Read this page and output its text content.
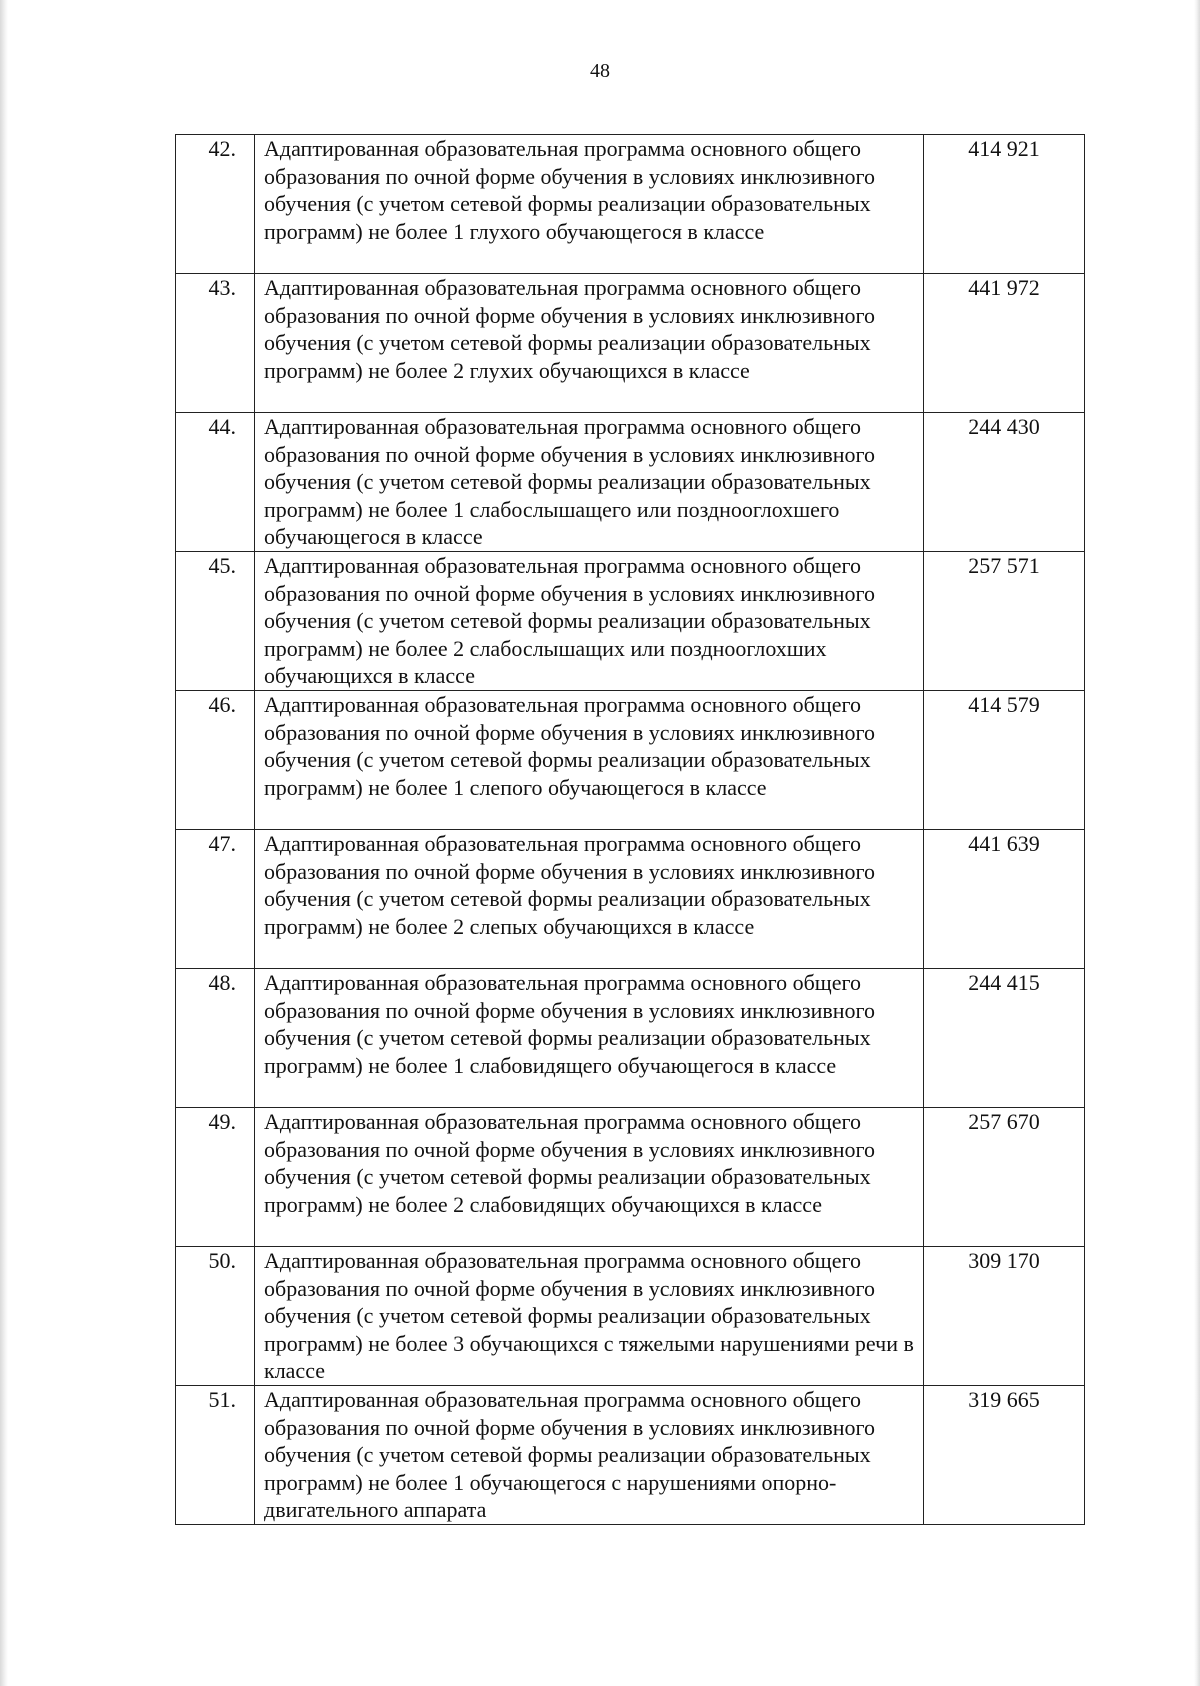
48
42.	Адаптированная образовательная программа основного общего образования по очной форме обучения в условиях инклюзивного обучения (с учетом сетевой формы реализации образовательных программ) не более 1 глухого обучающегося в классе	414 921
43.	Адаптированная образовательная программа основного общего образования по очной форме обучения в условиях инклюзивного обучения (с учетом сетевой формы реализации образовательных программ) не более 2 глухих обучающихся в классе	441 972
44.	Адаптированная образовательная программа основного общего образования по очной форме обучения в условиях инклюзивного обучения (с учетом сетевой формы реализации образовательных программ) не более 1 слабослышащего или позднооглохшего обучающегося в классе	244 430
45.	Адаптированная образовательная программа основного общего образования по очной форме обучения в условиях инклюзивного обучения (с учетом сетевой формы реализации образовательных программ) не более 2 слабослышащих или позднооглохших обучающихся в классе	257 571
46.	Адаптированная образовательная программа основного общего образования по очной форме обучения в условиях инклюзивного обучения (с учетом сетевой формы реализации образовательных программ) не более 1 слепого обучающегося в классе	414 579
47.	Адаптированная образовательная программа основного общего образования по очной форме обучения в условиях инклюзивного обучения (с учетом сетевой формы реализации образовательных программ) не более 2 слепых обучающихся в классе	441 639
48.	Адаптированная образовательная программа основного общего образования по очной форме обучения в условиях инклюзивного обучения (с учетом сетевой формы реализации образовательных программ) не более 1 слабовидящего обучающегося в классе	244 415
49.	Адаптированная образовательная программа основного общего образования по очной форме обучения в условиях инклюзивного обучения (с учетом сетевой формы реализации образовательных программ) не более 2 слабовидящих обучающихся в классе	257 670
50.	Адаптированная образовательная программа основного общего образования по очной форме обучения в условиях инклюзивного обучения (с учетом сетевой формы реализации образовательных программ) не более 3 обучающихся с тяжелыми нарушениями речи в классе	309 170
51.	Адаптированная образовательная программа основного общего образования по очной форме обучения в условиях инклюзивного обучения (с учетом сетевой формы реализации образовательных программ) не более 1 обучающегося с нарушениями опорно-двигательного аппарата	319 665
